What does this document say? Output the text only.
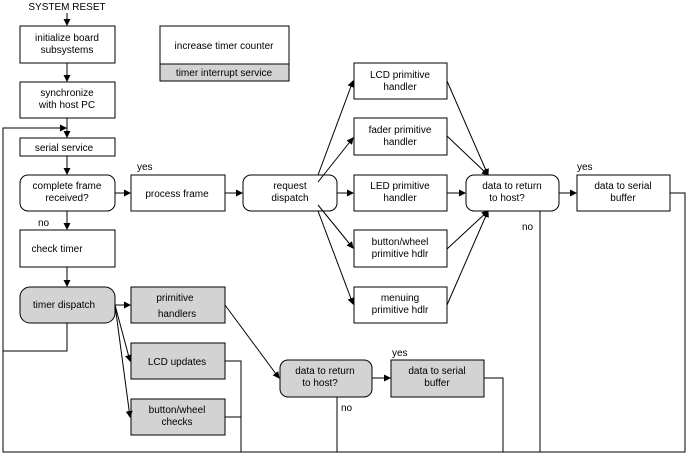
SYSTEM RESET
increase timer counter
timer interrupt service
initialize board subsystems
synchronize with host PC
serial service
complete frame received?
check timer
timer dispatch
process frame
request dispatch
LCD primitive handler
fader primitive handler
LED primitive handler
button/wheel primitive hdlr
menuing primitive hdlr
data to return to host?
data to serial buffer
primitive handlers
LCD updates
button/wheel checks
data to return to host?
data to serial buffer
yes
no
yes
no
yes
no
